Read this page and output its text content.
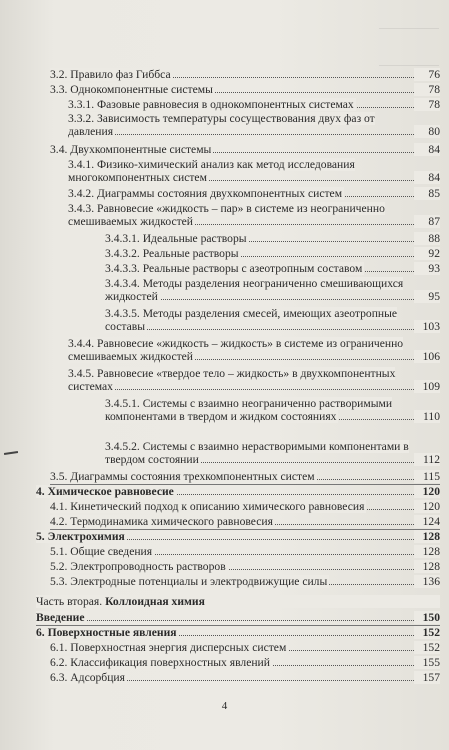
3.2. Правило фаз Гиббса	76
3.3. Однокомпонентные системы	78
3.3.1. Фазовые равновесия в однокомпонентных системах	78
3.3.2. Зависимость температуры сосуществования двух фаз от давления	80
3.4. Двухкомпонентные системы	84
3.4.1. Физико-химический анализ как метод исследования многокомпонентных систем	84
3.4.2. Диаграммы состояния двухкомпонентных систем	85
3.4.3. Равновесие «жидкость – пар» в системе из неограниченно смешиваемых жидкостей	87
3.4.3.1. Идеальные растворы	88
3.4.3.2. Реальные растворы	92
3.4.3.3. Реальные растворы с азеотропным составом	93
3.4.3.4. Методы разделения неограниченно смешивающихся жидкостей	95
3.4.3.5. Методы разделения смесей, имеющих азеотропные составы	103
3.4.4. Равновесие «жидкость – жидкость» в системе из ограниченно смешиваемых жидкостей	106
3.4.5. Равновесие «твердое тело – жидкость» в двухкомпонентных системах	109
3.4.5.1. Системы с взаимно неограниченно растворимыми компонентами в твердом и жидком состояниях	110
3.4.5.2. Системы с взаимно нерастворимыми компонентами в твердом состоянии	112
3.5. Диаграммы состояния трехкомпонентных систем	115
4. Химическое равновесие	120
4.1. Кинетический подход к описанию химического равновесия	120
4.2. Термодинамика химического равновесия	124
5. Электрохимия	128
5.1. Общие сведения	128
5.2. Электропроводность растворов	128
5.3. Электродные потенциалы и электродвижущие силы	136
Часть вторая. Коллоидная химия
Введение	150
6. Поверхностные явления	152
6.1. Поверхностная энергия дисперсных систем	152
6.2. Классификация поверхностных явлений	155
6.3. Адсорбция	157
4
